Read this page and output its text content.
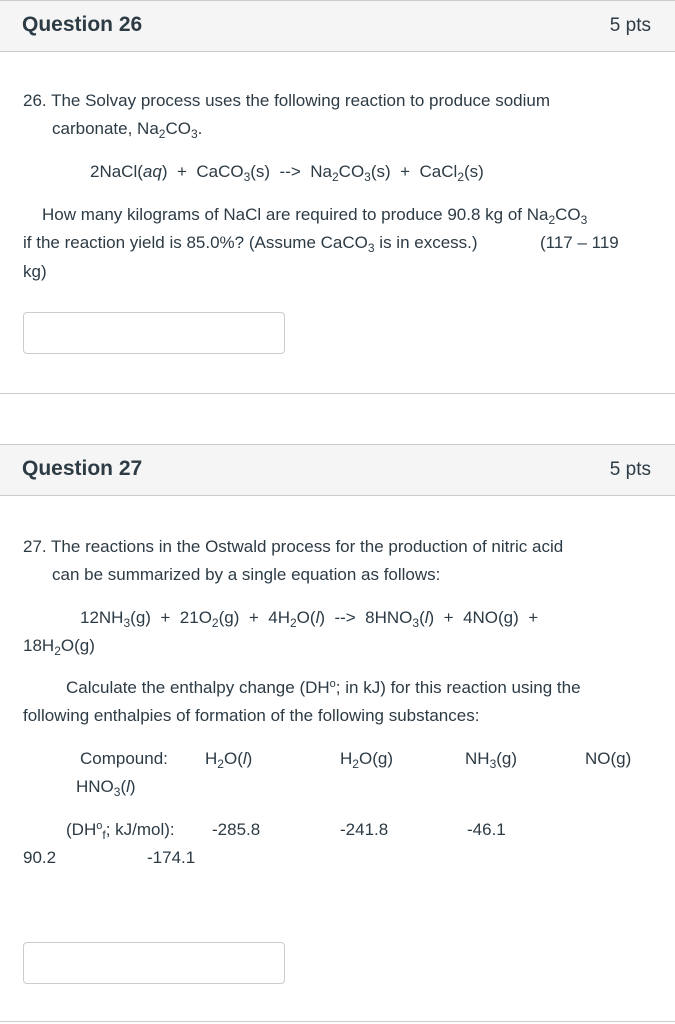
Question 26	5 pts
26. The Solvay process uses the following reaction to produce sodium
carbonate, $Na_2CO_3$.
2NaCl(aq) + CaCO$_3$(s) --> $Na_2CO_3(s)$ + CaCl$_2$(s)
How many kilograms of NaCl are required to produce 90.8 kg of $Na_2CO_3$
if the reaction yield is 85.0%? (Assume CaCO$_3$ is in excess.)	(117 – 119
kg)
Question 27	5 pts
27. The reactions in the Ostwald process for the production of nitric acid
can be summarized by a single equation as follows:
$12NH_3(g) + 21O_2(g) + 4H_2O(l)$ --> $8HNO_3(l) + 4NO(g)$ +
$18H_2O(g)$
Calculate the enthalpy change ($DH^o$; in kJ) for this reaction using the
following enthalpies of formation of the following substances:
Compound: $H_2O(l)$	$H_2O(g)$	$NH_3(g)$	NO(g)
$HNO_3(l)$
($DH^o_f$; kJ/mol): -285.8	-241.8	-46.1
90.2	-174.1
